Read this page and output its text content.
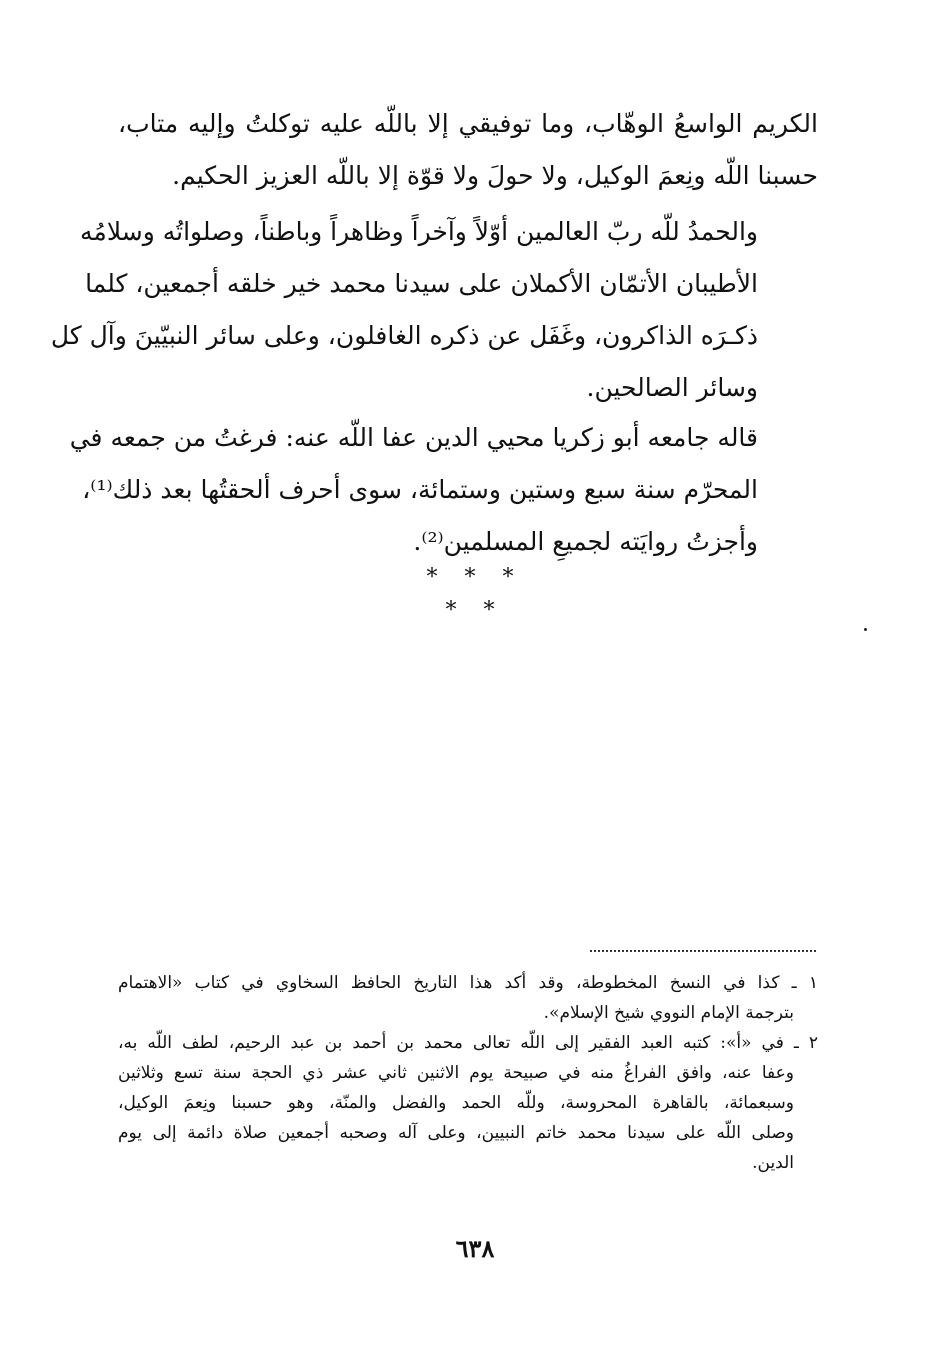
الكريم الواسعُ الوهّاب، وما توفيقي إلا باللّه عليه توكلتُ وإليه متاب،
حسبنا اللّه ونِعمَ الوكيل، ولا حولَ ولا قوّة إلا باللّه العزيز الحكيم.
والحمدُ للّه ربّ العالمين أوّلاً وآخراً وظاهراً وباطناً، وصلواتُه وسلامُه
الأطيبان الأتمّان الأكملان على سيدنا محمد خير خلقه أجمعين، كلما
ذكـرَه الذاكرون، وغَفَل عن ذكره الغافلون، وعلى سائر النبيّينَ وآل كل
وسائر الصالحين.
قاله جامعه أبو زكريا محيي الدين عفا اللّه عنه: فرغتُ من جمعه في
المحرّم سنة سبع وستين وستمائة، سوى أحرف ألحقتُها بعد ذلك⁽¹⁾،
وأجزتُ روايَته لجميعِ المسلمين⁽²⁾.
* * *
* *
١ ـ كذا في النسخ المخطوطة، وقد أكد هذا التاريخ الحافظ السخاوي في كتاب «الاهتمام
بترجمة الإمام النووي شيخ الإسلام».
٢ ـ في «أ»: كتبه العبد الفقير إلى اللّه تعالى محمد بن أحمد بن عبد الرحيم، لطف اللّه به،
وعفا عنه، وافق الفراغُ منه في صبيحة يوم الاثنين ثاني عشر ذي الحجة سنة تسع وثلاثين
وسبعمائة، بالقاهرة المحروسة، وللّه الحمد والفضل والمنّة، وهو حسبنا ونِعمَ الوكيل،
وصلى اللّه على سيدنا محمد خاتم النبيين، وعلى آله وصحبه أجمعين صلاة دائمة إلى يوم
الدين.
٦٣٨
